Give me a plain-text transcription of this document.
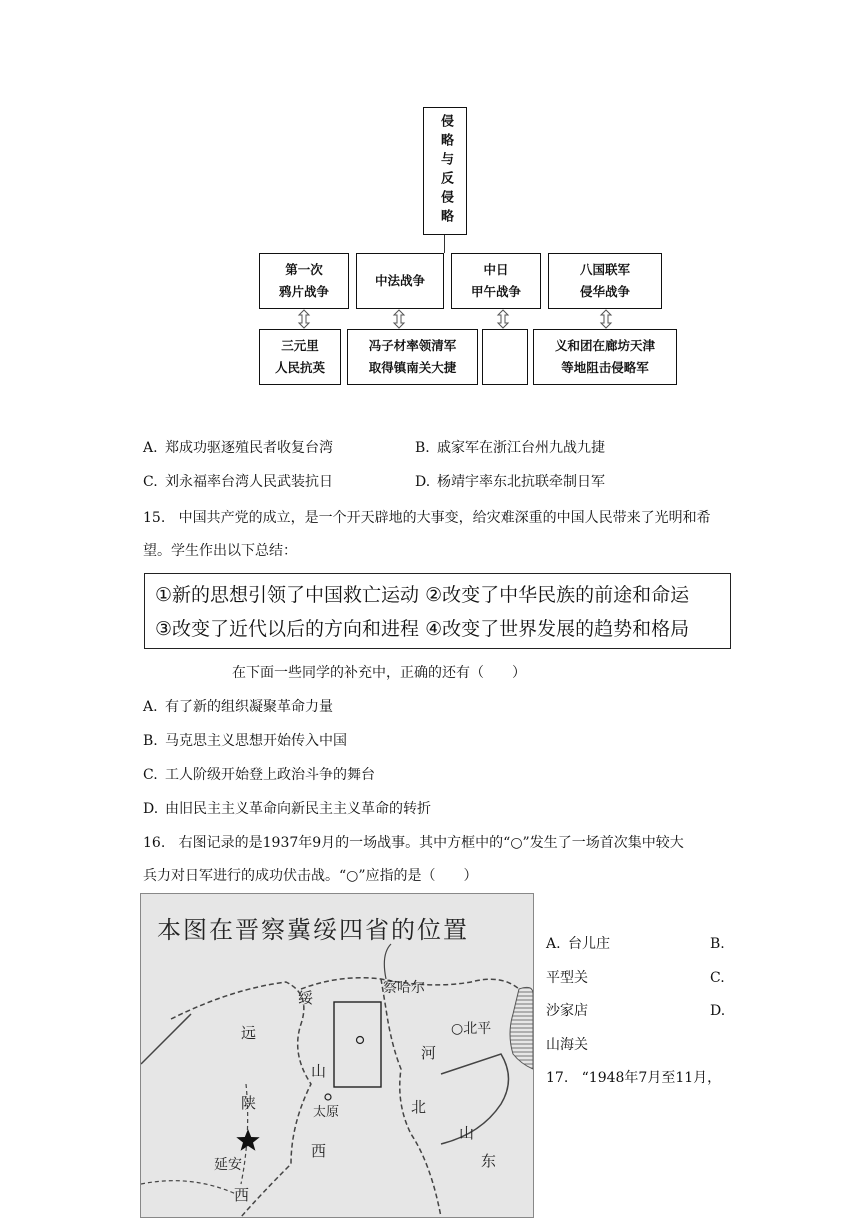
侵略与反侵略
第一次
鸦片战争
中法战争
中日
甲午战争
八国联军
侵华战争
三元里
人民抗英
冯子材率领清军
取得镇南关大捷
义和团在廊坊天津
等地阻击侵略军
A. 郑成功驱逐殖民者收复台湾	B. 戚家军在浙江台州九战九捷
C. 刘永福率台湾人民武装抗日	D. 杨靖宇率东北抗联牵制日军
15. 中国共产党的成立，是一个开天辟地的大事变，给灾难深重的中国人民带来了光明和希
望。学生作出以下总结：
①新的思想引领了中国救亡运动 ②改变了中华民族的前途和命运
③改变了近代以后的方向和进程 ④改变了世界发展的趋势和格局
在下面一些同学的补充中，正确的还有（　　）
A. 有了新的组织凝聚革命力量
B. 马克思主义思想开始传入中国
C. 工人阶级开始登上政治斗争的舞台
D. 由旧民主主义革命向新民主主义革命的转折
16. 右图记录的是1937年9月的一场战事。其中方框中的“○”发生了一场首次集中较大
兵力对日军进行的成功伏击战。“○”应指的是（　　）
本图在晋察冀绥四省的位置
绥
察哈尔
○北平
远
河
山
太原
陕	北
延安
西
山
东
西
A. 台儿庄	B.
平型关	C.
沙家店	D.
山海关
17. “1948年7月至11月，
